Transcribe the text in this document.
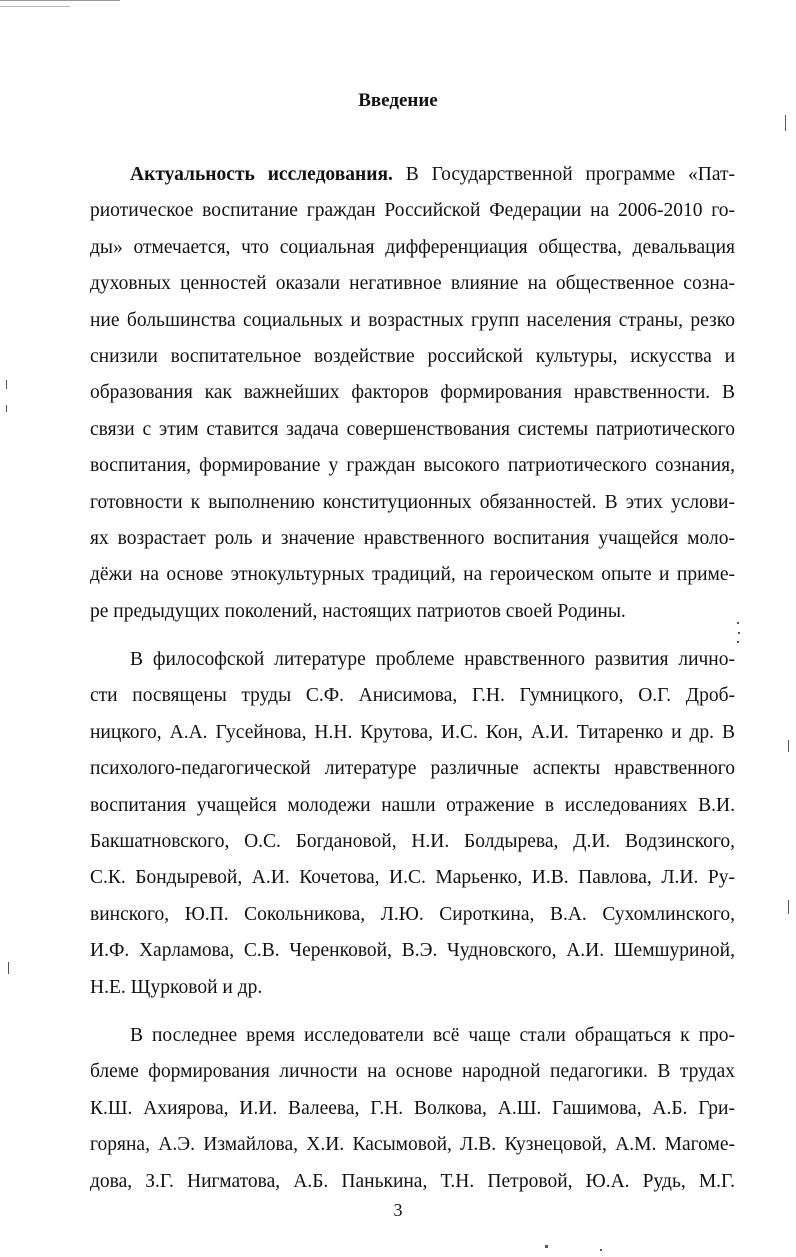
Введение

Актуальность исследования. В Государственной программе «Пат-
риотическое воспитание граждан Российской Федерации на 2006-2010 го-
ды» отмечается, что социальная дифференциация общества, девальвация
духовных ценностей оказали негативное влияние на общественное созна-
ние большинства социальных и возрастных групп населения страны, резко
снизили воспитательное воздействие российской культуры, искусства и
образования как важнейших факторов формирования нравственности. В
связи с этим ставится задача совершенствования системы патриотического
воспитания, формирование у граждан высокого патриотического сознания,
готовности к выполнению конституционных обязанностей. В этих услови-
ях возрастает роль и значение нравственного воспитания учащейся моло-
дёжи на основе этнокультурных традиций, на героическом опыте и приме-
ре предыдущих поколений, настоящих патриотов своей Родины.

В философской литературе проблеме нравственного развития лично-
сти посвящены труды С.Ф. Анисимова, Г.Н. Гумницкого, О.Г. Дроб-
ницкого, А.А. Гусейнова, Н.Н. Крутова, И.С. Кон, А.И. Титаренко и др. В
психолого-педагогической литературе различные аспекты нравственного
воспитания учащейся молодежи нашли отражение в исследованиях В.И.
Бакшатновского, О.С. Богдановой, Н.И. Болдырева, Д.И. Водзинского,
С.К. Бондыревой, А.И. Кочетова, И.С. Марьенко, И.В. Павлова, Л.И. Ру-
винского, Ю.П. Сокольникова, Л.Ю. Сироткина, В.А. Сухомлинского,
И.Ф. Харламова, С.В. Черенковой, В.Э. Чудновского, А.И. Шемшуриной,
Н.Е. Щурковой и др.

В последнее время исследователи всё чаще стали обращаться к про-
блеме формирования личности на основе народной педагогики. В трудах
К.Ш. Ахиярова, И.И. Валеева, Г.Н. Волкова, А.Ш. Гашимова, А.Б. Гри-
горяна, А.Э. Измайлова, Х.И. Касымовой, Л.В. Кузнецовой, А.М. Магоме-
дова, З.Г. Нигматова, А.Б. Панькина, Т.Н. Петровой, Ю.А. Рудь, М.Г.

3
